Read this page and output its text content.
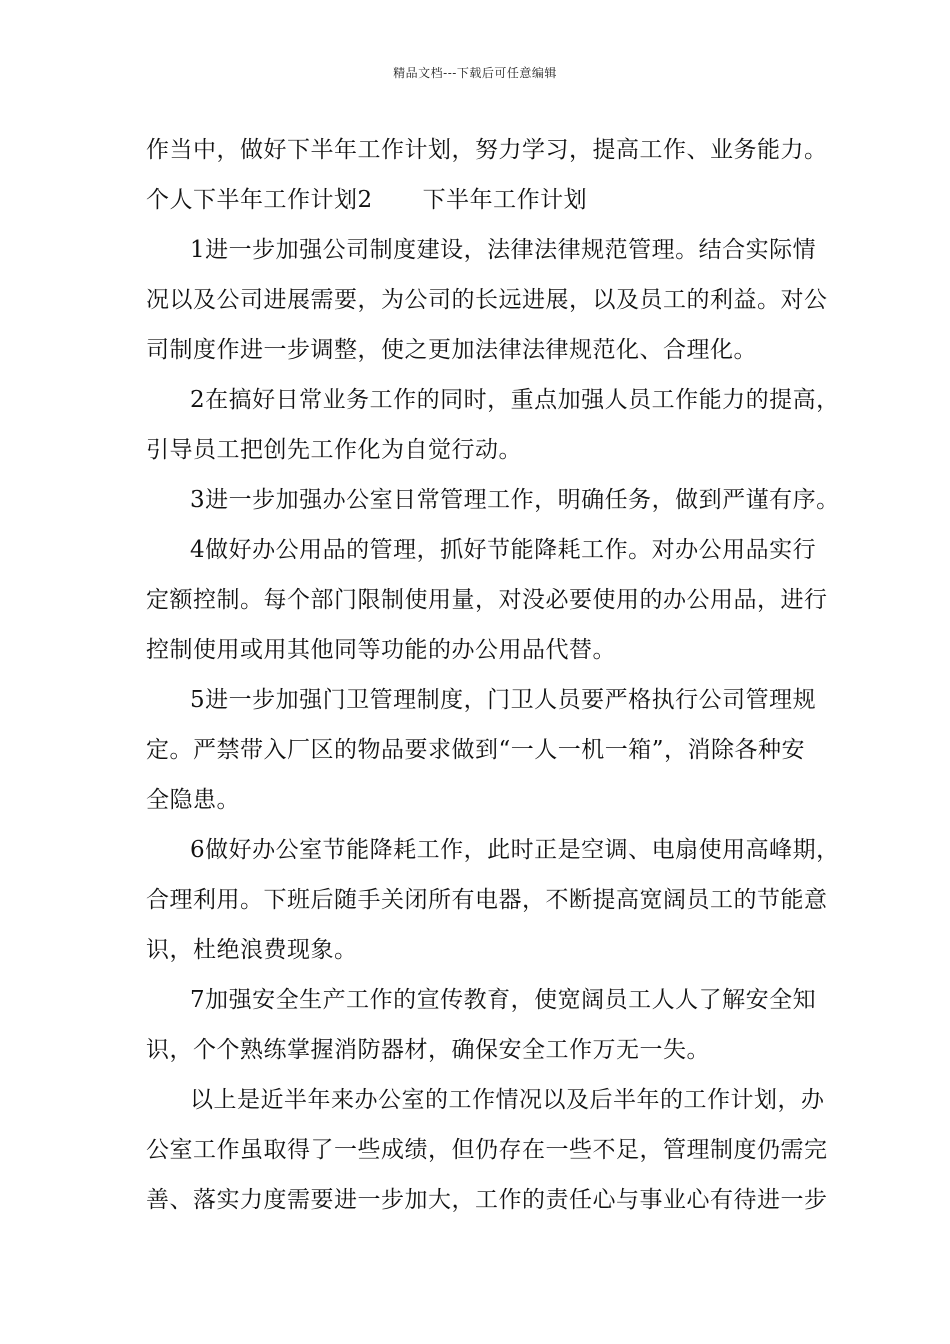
精品文档---下载后可任意编辑
作当中，做好下半年工作计划，努力学习，提高工作、业务能力。
个人下半年工作计划2 下半年工作计划
1进一步加强公司制度建设，法律法律规范管理。结合实际情
况以及公司进展需要，为公司的长远进展，以及员工的利益。对公
司制度作进一步调整，使之更加法律法律规范化、合理化。
2在搞好日常业务工作的同时，重点加强人员工作能力的提高，
引导员工把创先工作化为自觉行动。
3进一步加强办公室日常管理工作，明确任务，做到严谨有序。
4做好办公用品的管理，抓好节能降耗工作。对办公用品实行
定额控制。每个部门限制使用量，对没必要使用的办公用品，进行
控制使用或用其他同等功能的办公用品代替。
5进一步加强门卫管理制度，门卫人员要严格执行公司管理规
定。严禁带入厂区的物品要求做到“一人一机一箱”，消除各种安
全隐患。
6做好办公室节能降耗工作，此时正是空调、电扇使用高峰期，
合理利用。下班后随手关闭所有电器，不断提高宽阔员工的节能意
识，杜绝浪费现象。
7加强安全生产工作的宣传教育，使宽阔员工人人了解安全知
识，个个熟练掌握消防器材，确保安全工作万无一失。
以上是近半年来办公室的工作情况以及后半年的工作计划，办
公室工作虽取得了一些成绩，但仍存在一些不足，管理制度仍需完
善、落实力度需要进一步加大，工作的责任心与事业心有待进一步
